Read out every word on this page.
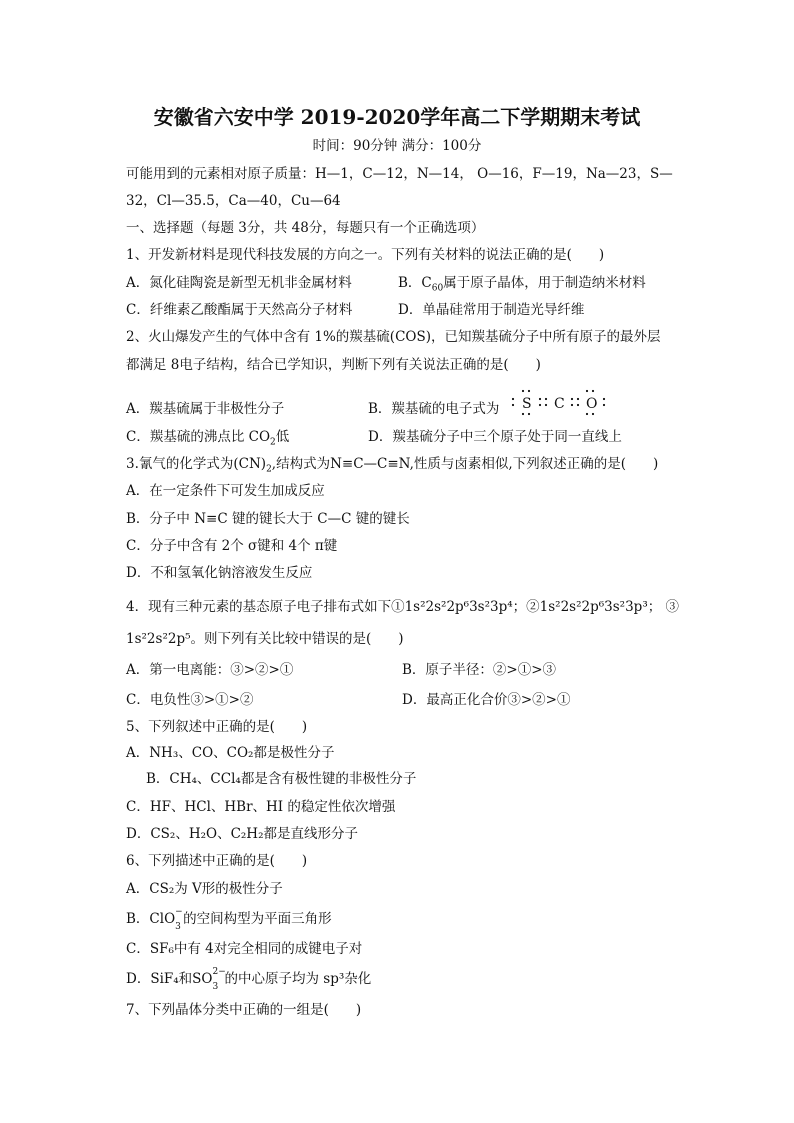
安徽省六安中学 2019-2020学年高二下学期期末考试
时间：90分钟 满分：100分
可能用到的元素相对原子质量：H—1，C—12，N—14， O—16，F—19，Na—23，S—
32，Cl—35.5，Ca—40，Cu—64
一、选择题（每题 3分，共 48分，每题只有一个正确选项）
1、开发新材料是现代科技发展的方向之一。下列有关材料的说法正确的是(　　)
A．氮化硅陶瓷是新型无机非金属材料	B．$C_{60}$属于原子晶体，用于制造纳米材料
C．纤维素乙酸酯属于天然高分子材料	D．单晶硅常用于制造光导纤维
2、火山爆发产生的气体中含有 1%的羰基硫(COS)，已知羰基硫分子中所有原子的最外层
都满足 8电子结构，结合已学知识，判断下列有关说法正确的是(　　)
A．羰基硫属于非极性分子	B．羰基硫的电子式为 S C O
C．羰基硫的沸点比 $CO_2$低	D．羰基硫分子中三个原子处于同一直线上
3.氰气的化学式为$(CN)_2$,结构式为N≡C—C≡N,性质与卤素相似,下列叙述正确的是(　　)
A．在一定条件下可发生加成反应
B．分子中 N≡C 键的键长大于 C—C 键的键长
C．分子中含有 2个 σ键和 4个 π键
D．不和氢氧化钠溶液发生反应
4．现有三种元素的基态原子电子排布式如下①1s²2s²2p⁶3s²3p⁴；②1s²2s²2p⁶3s²3p³； ③
1s²2s²2p⁵。则下列有关比较中错误的是(　　)
A．第一电离能：③>②>①	B．原子半径：②>①>③
C．电负性③>①>②	D．最高正化合价③>②>①
5、下列叙述中正确的是(　　)
A．NH₃、CO、CO₂都是极性分子
B．CH₄、CCl₄都是含有极性键的非极性分子
C．HF、HCl、HBr、HI 的稳定性依次增强
D．CS₂、H₂O、C₂H₂都是直线形分子
6、下列描述中正确的是(　　)
A．CS₂为 V形的极性分子
B．ClO −
3 的空间构型为平面三角形
C．SF₆中有 4对完全相同的成键电子对
D．SiF₄和SO 2−
3 的中心原子均为 sp³杂化
7、下列晶体分类中正确的一组是(　　)
